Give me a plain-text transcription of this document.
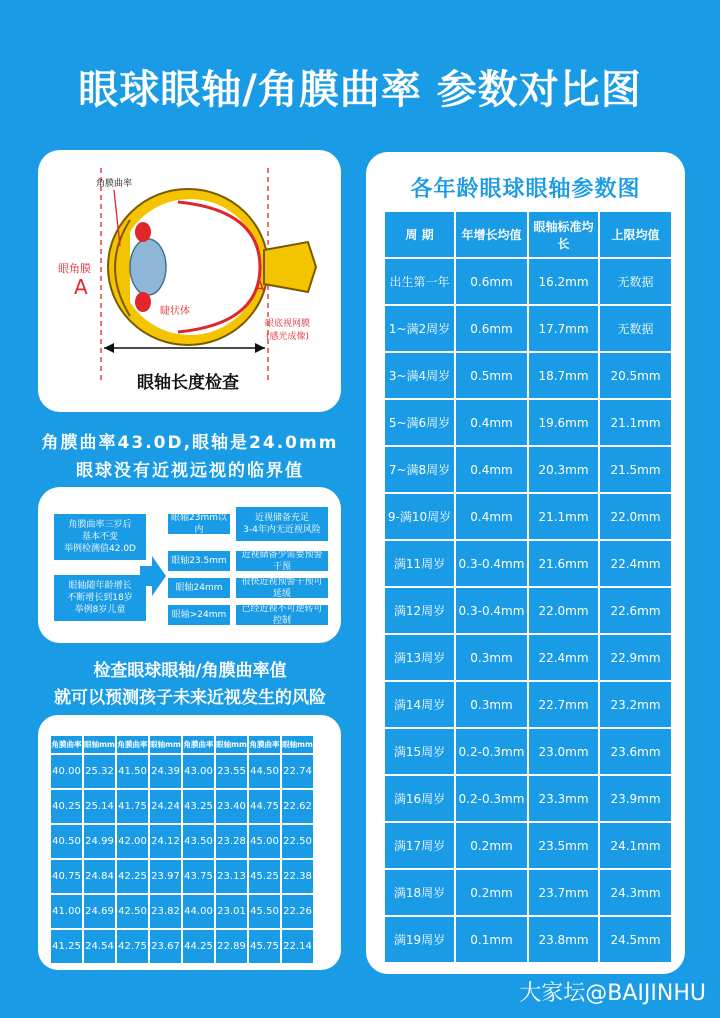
眼球眼轴/角膜曲率 参数对比图
角膜曲率
眼角膜
A	A
睫状体
眼底视网膜
(感光成像)
眼轴长度检查
角膜曲率43.0D,眼轴是24.0mm
眼球没有近视远视的临界值
角膜曲率三岁后
基本不变
举例检测值42.0D
眼轴随年龄增长
不断增长到18岁
举例8岁儿童
眼轴23mm以内
近视储备充足
3-4年内无近视风险
眼轴23.5mm
近视储备少需要预警干预
眼轴24mm
很快近视预警干预可延缓
眼轴>24mm
已经近视不可逆转可控制
检查眼球眼轴/角膜曲率值
就可以预测孩子未来近视发生的风险
角膜曲率	眼轴mm	角膜曲率	眼轴mm	角膜曲率	眼轴mm	角膜曲率	眼轴mm
40.00	25.32	41.50	24.39	43.00	23.55	44.50	22.74
40.25	25.14	41.75	24.24	43.25	23.40	44.75	22.62
40.50	24.99	42.00	24.12	43.50	23.28	45.00	22.50
40.75	24.84	42.25	23.97	43.75	23.13	45.25	22.38
41.00	24.69	42.50	23.82	44.00	23.01	45.50	22.26
41.25	24.54	42.75	23.67	44.25	22.89	45.75	22.14
各年龄眼球眼轴参数图
周 期	年增长均值	眼轴标准均长	上限均值
出生第一年	0.6mm	16.2mm	无数据
1~满2周岁	0.6mm	17.7mm	无数据
3~满4周岁	0.5mm	18.7mm	20.5mm
5~满6周岁	0.4mm	19.6mm	21.1mm
7~满8周岁	0.4mm	20.3mm	21.5mm
9-满10周岁	0.4mm	21.1mm	22.0mm
满11周岁	0.3-0.4mm	21.6mm	22.4mm
满12周岁	0.3-0.4mm	22.0mm	22.6mm
满13周岁	0.3mm	22.4mm	22.9mm
满14周岁	0.3mm	22.7mm	23.2mm
满15周岁	0.2-0.3mm	23.0mm	23.6mm
满16周岁	0.2-0.3mm	23.3mm	23.9mm
满17周岁	0.2mm	23.5mm	24.1mm
满18周岁	0.2mm	23.7mm	24.3mm
满19周岁	0.1mm	23.8mm	24.5mm
大家坛@BAIJINHU
